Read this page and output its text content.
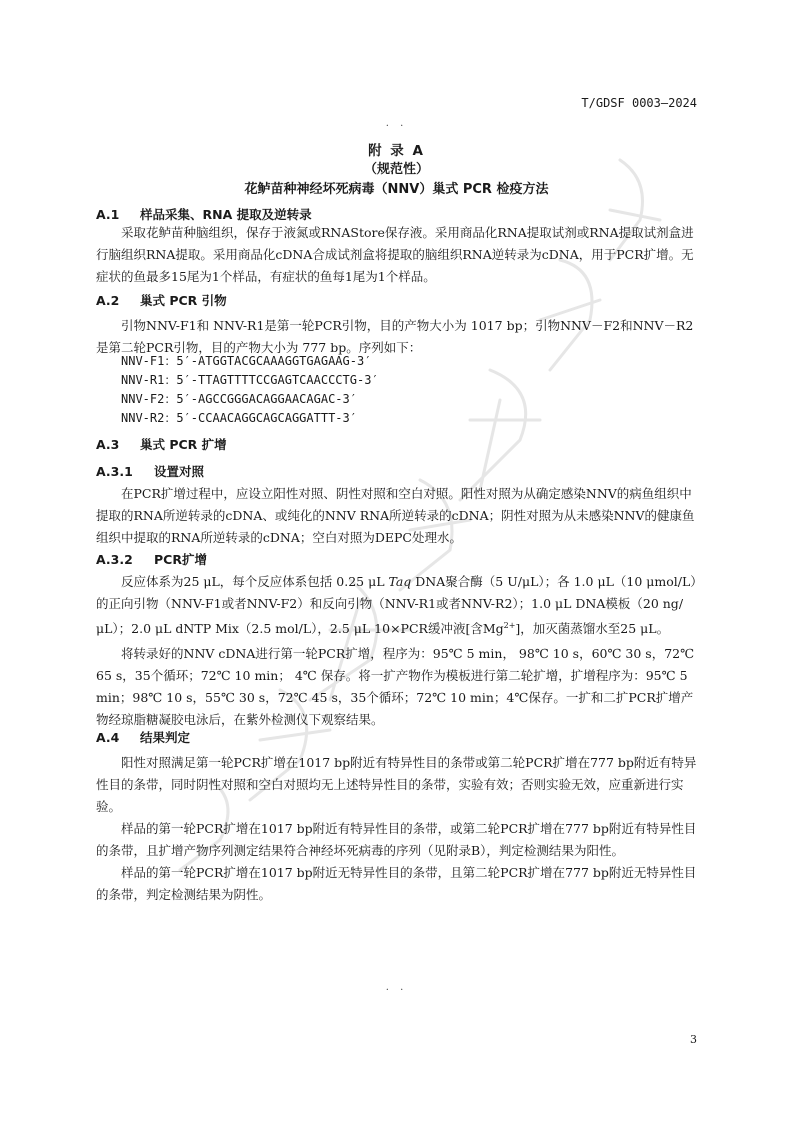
T/GDSF 0003—2024
. .
附 录 A
（规范性）
花鲈苗种神经坏死病毒（NNV）巢式 PCR 检疫方法
A.1 样品采集、RNA 提取及逆转录

采取花鲈苗种脑组织，保存于液氮或RNAStore保存液。采用商品化RNA提取试剂或RNA提取试剂盒进行脑组织RNA提取。采用商品化cDNA合成试剂盒将提取的脑组织RNA逆转录为cDNA，用于PCR扩增。无症状的鱼最多15尾为1个样品，有症状的鱼每1尾为1个样品。

A.2 巢式 PCR 引物

引物NNV-F1和 NNV-R1是第一轮PCR引物，目的产物大小为 1017 bp；引物NNV－F2和NNV－R2是第二轮PCR引物，目的产物大小为 777 bp。序列如下：

NNV-F1：5′-ATGGTACGCAAAGGTGAGAAG-3′
NNV-R1：5′-TTAGTTTTCCGAGTCAACCCTG-3′
NNV-F2：5′-AGCCGGGACAGGAACAGAC-3′
NNV-R2：5′-CCAACAGGCAGCAGGATTT-3′
A.3 巢式 PCR 扩增
A.3.1 设置对照

在PCR扩增过程中，应设立阳性对照、阴性对照和空白对照。阳性对照为从确定感染NNV的病鱼组织中提取的RNA所逆转录的cDNA、或纯化的NNV RNA所逆转录的cDNA；阴性对照为从未感染NNV的健康鱼组织中提取的RNA所逆转录的cDNA；空白对照为DEPC处理水。

A.3.2 PCR扩增

反应体系为25 μL，每个反应体系包括 0.25 μL Taq DNA聚合酶（5 U/μL）；各 1.0 μL（10 μmol/L）的正向引物（NNV-F1或者NNV-F2）和反向引物（NNV-R1或者NNV-R2）；1.0 μL DNA模板（20 ng/μL）；2.0 μL dNTP Mix（2.5 mol/L），2.5 μL 10×PCR缓冲液[含$Mg^{2+}$]，加灭菌蒸馏水至25 μL。

将转录好的NNV cDNA进行第一轮PCR扩增，程序为：95℃ 5 min， 98℃ 10 s，60℃ 30 s，72℃ 65 s，35个循环；72℃ 10 min； 4℃ 保存。将一扩产物作为模板进行第二轮扩增，扩增程序为：95℃ 5 min；98℃ 10 s，55℃ 30 s，72℃ 45 s，35个循环；72℃ 10 min；4℃保存。一扩和二扩PCR扩增产物经琼脂糖凝胶电泳后，在紫外检测仪下观察结果。

A.4 结果判定

阳性对照满足第一轮PCR扩增在1017 bp附近有特异性目的条带或第二轮PCR扩增在777 bp附近有特异性目的条带，同时阴性对照和空白对照均无上述特异性目的条带，实验有效；否则实验无效，应重新进行实验。

样品的第一轮PCR扩增在1017 bp附近有特异性目的条带，或第二轮PCR扩增在777 bp附近有特异性目的条带，且扩增产物序列测定结果符合神经坏死病毒的序列（见附录B），判定检测结果为阳性。

样品的第一轮PCR扩增在1017 bp附近无特异性目的条带，且第二轮PCR扩增在777 bp附近无特异性目的条带，判定检测结果为阴性。

. .
3
